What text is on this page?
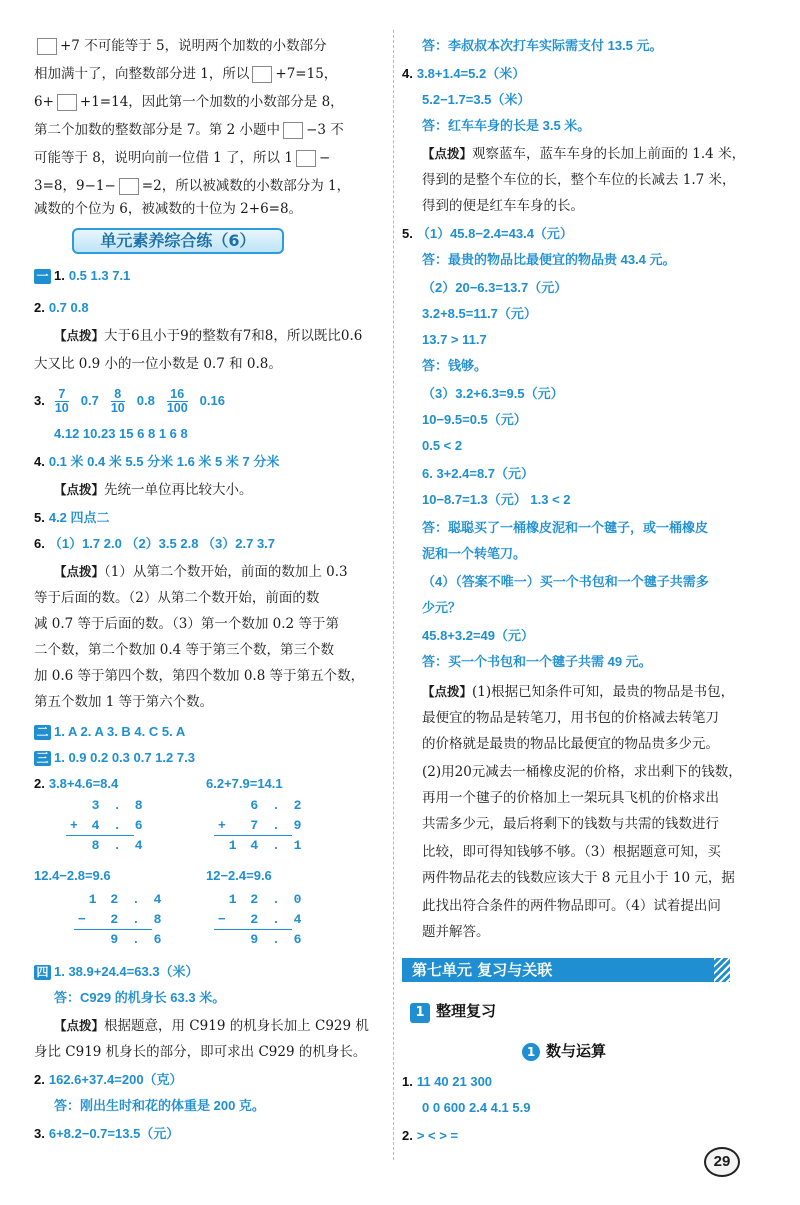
+7 不可能等于 5，说明两个加数的小数部分
相加满十了，向整数部分进 1，所以 +7=15，
6+ +1=14，因此第一个加数的小数部分是 8，
第二个加数的整数部分是 7。第 2 小题中 −3 不
可能等于 8，说明向前一位借 1 了，所以 1 −
3=8，9−1− =2，所以被减数的小数部分为 1，
减数的个位为 6，被减数的十位为 2+6=8。
单元素养综合练（6）
一 1. 0.5 1.3 7.1
2. 0.7 0.8
【点拨】大于6且小于9的整数有7和8，所以既比0.6
大又比 0.9 小的一位小数是 0.7 和 0.8。
3. $\frac{7}{10} 0.7 \frac{8}{10} 0.8 \frac{16}{100} 0.16$
4.12 10.23 15 6 8 1 6 8
4. 0.1 米 0.4 米 5.5 分米 1.6 米 5 米 7 分米
【点拨】先统一单位再比较大小。
5. 4.2 四点二
6. （1）1.7 2.0 （2）3.5 2.8 （3）2.7 3.7
【点拨】（1）从第二个数开始，前面的数加上 0.3
等于后面的数。（2）从第二个数开始，前面的数
减 0.7 等于后面的数。（3）第一个数加 0.2 等于第
二个数，第二个数加 0.4 等于第三个数，第三个数
加 0.6 等于第四个数，第四个数加 0.8 等于第五个数，
第五个数加 1 等于第六个数。
二 1. A 2. A 3. B 4. C 5. A
三 1. 0.9 0.2 0.3 0.7 1.2 7.3
2. 3.8+4.6=8.4	6.2+7.9=14.1
3 . 8
+ 4 . 6
8 . 4
6 . 2
+  7 . 9
1 4 . 1
12.4−2.8=9.6	12−2.4=9.6
1 2 . 4
−  2 . 8
9 . 6
1 2 . 0
−  2 . 4
9 . 6
四 1. 38.9+24.4=63.3（米）
答：C929 的机身长 63.3 米。
【点拨】根据题意，用 C919 的机身长加上 C929 机
身比 C919 机身长的部分，即可求出 C929 的机身长。
2. 162.6+37.4=200（克）
答：刚出生时和花的体重是 200 克。
3. 6+8.2−0.7=13.5（元）
答：李叔叔本次打车实际需支付 13.5 元。
4. 3.8+1.4=5.2（米）
5.2−1.7=3.5（米）
答：红车车身的长是 3.5 米。
【点拨】观察蓝车，蓝车车身的长加上前面的 1.4 米，
得到的是整个车位的长，整个车位的长减去 1.7 米，
得到的便是红车车身的长。
5. （1）45.8−2.4=43.4（元）
答：最贵的物品比最便宜的物品贵 43.4 元。
（2）20−6.3=13.7（元）
3.2+8.5=11.7（元）
13.7 > 11.7
答：钱够。
（3）3.2+6.3=9.5（元）
10−9.5=0.5（元）
0.5 < 2
6. 3+2.4=8.7（元）
10−8.7=1.3（元） 1.3 < 2
答：聪聪买了一桶橡皮泥和一个毽子，或一桶橡皮
泥和一个转笔刀。
（4）（答案不唯一）买一个书包和一个毽子共需多
少元？
45.8+3.2=49（元）
答：买一个书包和一个毽子共需 49 元。
【点拨】(1)根据已知条件可知，最贵的物品是书包，
最便宜的物品是转笔刀，用书包的价格减去转笔刀
的价格就是最贵的物品比最便宜的物品贵多少元。
(2)用20元减去一桶橡皮泥的价格，求出剩下的钱数，
再用一个毽子的价格加上一架玩具飞机的价格求出
共需多少元，最后将剩下的钱数与共需的钱数进行
比较，即可得知钱够不够。（3）根据题意可知，买
两件物品花去的钱数应该大于 8 元且小于 10 元，据
此找出符合条件的两件物品即可。（4）试着提出问
题并解答。
第七单元 复习与关联
1 整理复习
1 数与运算
1. 11 40 21 300
0 0 600 2.4 4.1 5.9
2. > < > =
29
